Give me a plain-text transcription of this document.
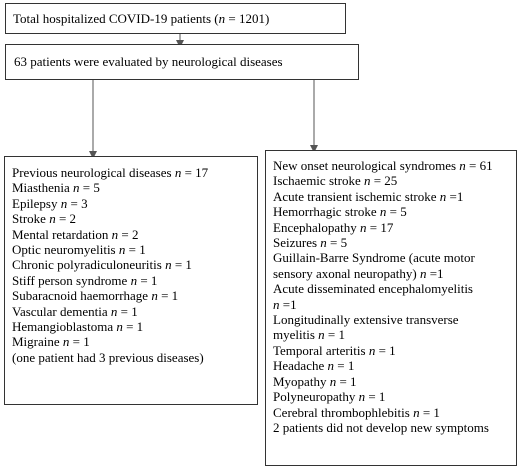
Total hospitalized COVID-19 patients (n = 1201)
63 patients were evaluated by neurological diseases
Previous neurological diseases n = 17
Miasthenia n = 5
Epilepsy n = 3
Stroke n = 2
Mental retardation n = 2
Optic neuromyelitis n = 1
Chronic polyradiculoneuritis n = 1
Stiff person syndrome n = 1
Subaracnoid haemorrhage n = 1
Vascular dementia n = 1
Hemangioblastoma n = 1
Migraine n = 1
(one patient had 3 previous diseases)
New onset neurological syndromes n = 61
Ischaemic stroke n = 25
Acute transient ischemic stroke n =1
Hemorrhagic stroke n = 5
Encephalopathy n = 17
Seizures n = 5
Guillain-Barre Syndrome (acute motor
sensory axonal neuropathy) n =1
Acute disseminated encephalomyelitis
n =1
Longitudinally extensive transverse
myelitis n = 1
Temporal arteritis n = 1
Headache n = 1
Myopathy n = 1
Polyneuropathy n = 1
Cerebral thrombophlebitis n = 1
2 patients did not develop new symptoms
